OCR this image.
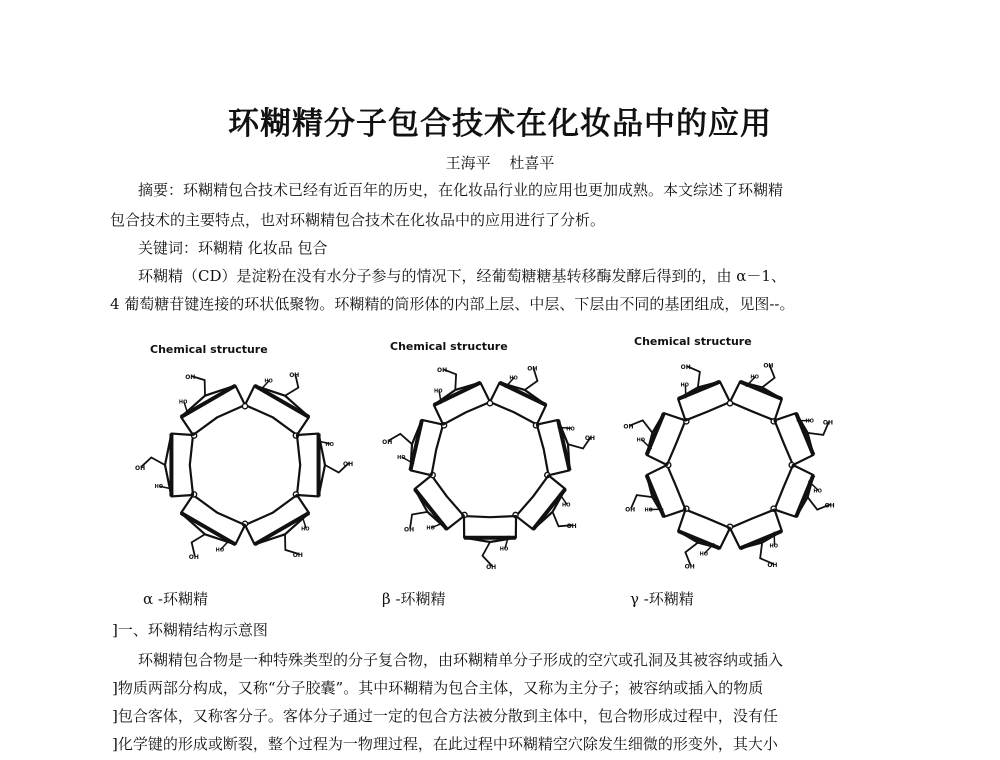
环糊精分子包合技术在化妆品中的应用
王海平 杜喜平
摘要：环糊精包合技术已经有近百年的历史，在化妆品行业的应用也更加成熟。本文综述了环糊精
包合技术的主要特点，也对环糊精包合技术在化妆品中的应用进行了分析。
关键词：环糊精 化妆品 包合
环糊精（CD）是淀粉在没有水分子参与的情况下，经葡萄糖糖基转移酶发酵后得到的，由 α－1、
4 葡萄糖苷键连接的环状低聚物。环糊精的筒形体的内部上层、中层、下层由不同的基团组成，见图--。
Chemical structure	Chemical structure	Chemical structure
OH
HO
OH
HO
OH
HO
OH
HO
OH
HO
OH
HO
OH
HO
OH
HO
OH
HO
OH
HO
OH HO
OH
HO
OH
HO
OH
HO
OH
HO
OH
HO
OH
HO
OH
HO
OH HO
OH
HO
OH
HO
α -环糊精	β -环糊精	γ -环糊精
]一、环糊精结构示意图
环糊精包合物是一种特殊类型的分子复合物，由环糊精单分子形成的空穴或孔洞及其被容纳或插入
]物质两部分构成，又称“分子胶囊”。其中环糊精为包合主体，又称为主分子；被容纳或插入的物质
]包合客体，又称客分子。客体分子通过一定的包合方法被分散到主体中，包合物形成过程中，没有任
]化学键的形成或断裂，整个过程为一物理过程，在此过程中环糊精空穴除发生细微的形变外，其大小
